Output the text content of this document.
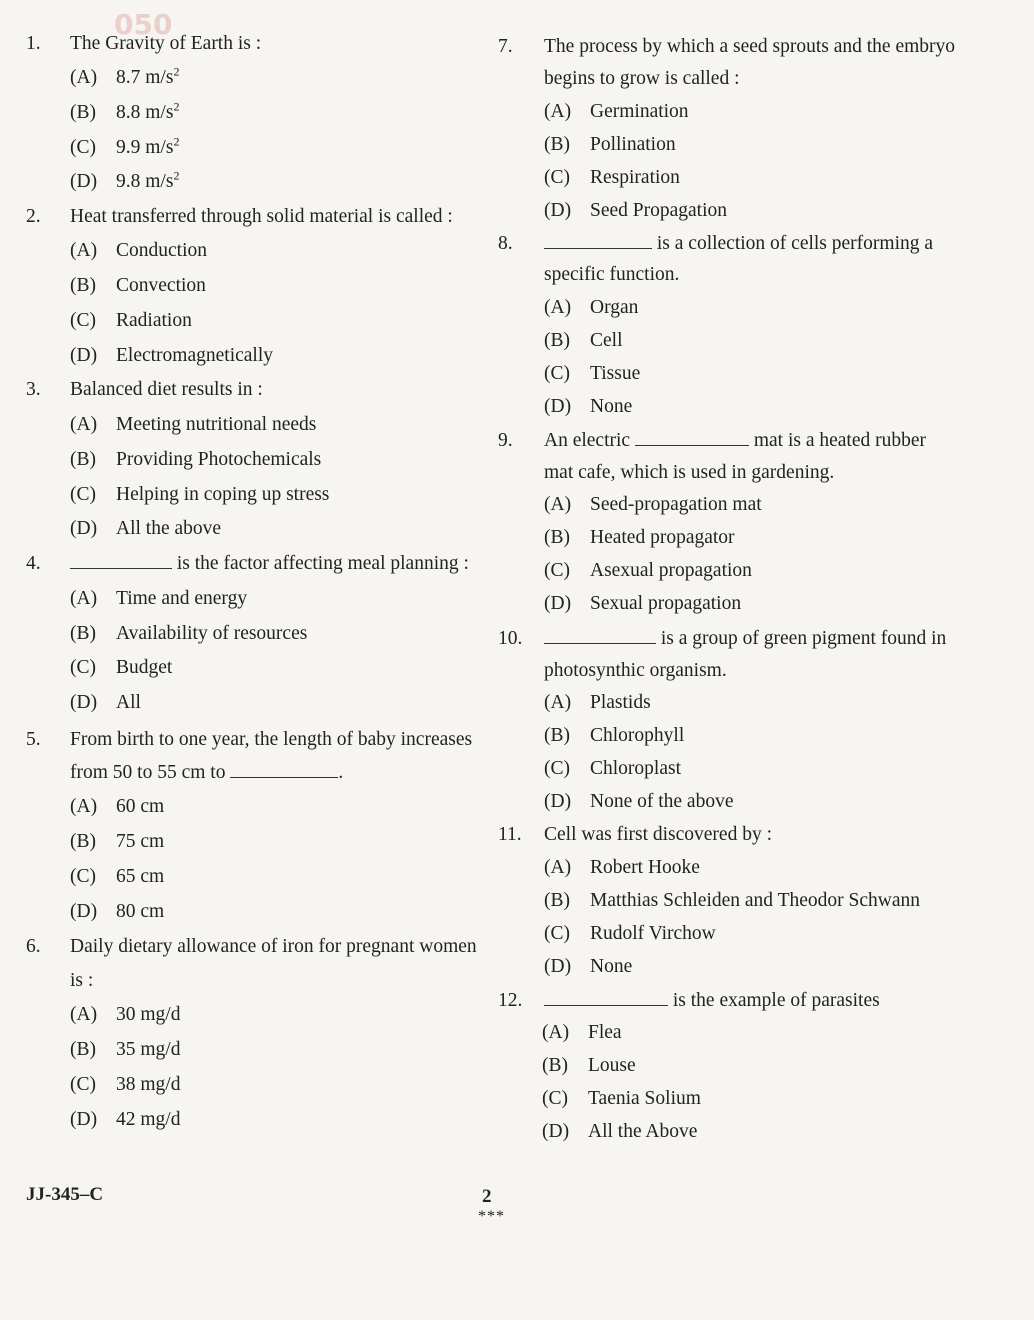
050
1. The Gravity of Earth is :
(A) 8.7 $m/s^2$
(B) 8.8 $m/s^2$
(C) 9.9 $m/s^2$
(D) 9.8 $m/s^2$
2. Heat transferred through solid material is called :
(A) Conduction
(B) Convection
(C) Radiation
(D) Electromagnetically
3. Balanced diet results in :
(A) Meeting nutritional needs
(B) Providing Photochemicals
(C) Helping in coping up stress
(D) All the above
4.	is the factor affecting meal planning :
(A) Time and energy
(B) Availability of resources
(C) Budget
(D) All
5. From birth to one year, the length of baby increases
from 50 to 55 cm to	.
(A) 60 cm
(B) 75 cm
(C) 65 cm
(D) 80 cm
6. Daily dietary allowance of iron for pregnant women
is :
(A) 30 mg/d
(B) 35 mg/d
(C) 38 mg/d
(D) 42 mg/d
7. The process by which a seed sprouts and the embryo
begins to grow is called :
(A) Germination
(B) Pollination
(C) Respiration
(D) Seed Propagation
8.	is a collection of cells performing a
specific function.
(A) Organ
(B) Cell
(C) Tissue
(D) None
9. An electric	mat is a heated rubber
mat cafe, which is used in gardening.
(A) Seed-propagation mat
(B) Heated propagator
(C) Asexual propagation
(D) Sexual propagation
10.	is a group of green pigment found in
photosynthic organism.
(A) Plastids
(B) Chlorophyll
(C) Chloroplast
(D) None of the above
11. Cell was first discovered by :
(A) Robert Hooke
(B) Matthias Schleiden and Theodor Schwann
(C) Rudolf Virchow
(D) None
12.	is the example of parasites
(A) Flea
(B) Louse
(C) Taenia Solium
(D) All the Above
JJ-345–C	2
***
